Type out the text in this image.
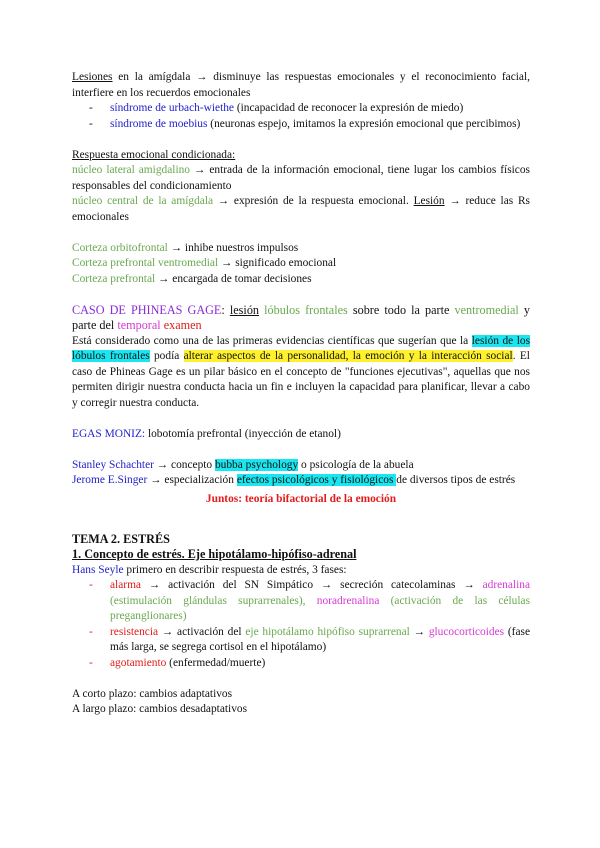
Lesiones en la amígdala → disminuye las respuestas emocionales y el reconocimiento facial, interfiere en los recuerdos emocionales

- síndrome de urbach-wiethe (incapacidad de reconocer la expresión de miedo)
- síndrome de moebius (neuronas espejo, imitamos la expresión emocional que percibimos)

Respuesta emocional condicionada:

núcleo lateral amigdalino → entrada de la información emocional, tiene lugar los cambios físicos responsables del condicionamiento

núcleo central de la amígdala → expresión de la respuesta emocional. Lesión → reduce las Rs emocionales

Corteza orbitofrontal → inhibe nuestros impulsos

Corteza prefrontal ventromedial → significado emocional

Corteza prefrontal → encargada de tomar decisiones

CASO DE PHINEAS GAGE: lesión lóbulos frontales sobre todo la parte ventromedial y parte del temporal examen

Está considerado como una de las primeras evidencias científicas que sugerían que la lesión de los lóbulos frontales podía alterar aspectos de la personalidad, la emoción y la interacción social. El caso de Phineas Gage es un pilar básico en el concepto de "funciones ejecutivas", aquellas que nos permiten dirigir nuestra conducta hacia un fin e incluyen la capacidad para planificar, llevar a cabo y corregir nuestra conducta.

EGAS MONIZ: lobotomía prefrontal (inyección de etanol)

Stanley Schachter → concepto bubba psychology o psicología de la abuela

Jerome E.Singer → especialización efectos psicológicos y fisiológicos de diversos tipos de estrés

Juntos: teoría bifactorial de la emoción

TEMA 2. ESTRÉS

1. Concepto de estrés. Eje hipotálamo-hipófiso-adrenal

Hans Seyle primero en describir respuesta de estrés, 3 fases:

- alarma → activación del SN Simpático → secreción catecolaminas → adrenalina (estimulación glándulas suprarrenales), noradrenalina (activación de las células preganglionares)
- resistencia → activación del eje hipotálamo hipófiso suprarrenal → glucocorticoides (fase más larga, se segrega cortisol en el hipotálamo)
- agotamiento (enfermedad/muerte)

A corto plazo: cambios adaptativos

A largo plazo: cambios desadaptativos
